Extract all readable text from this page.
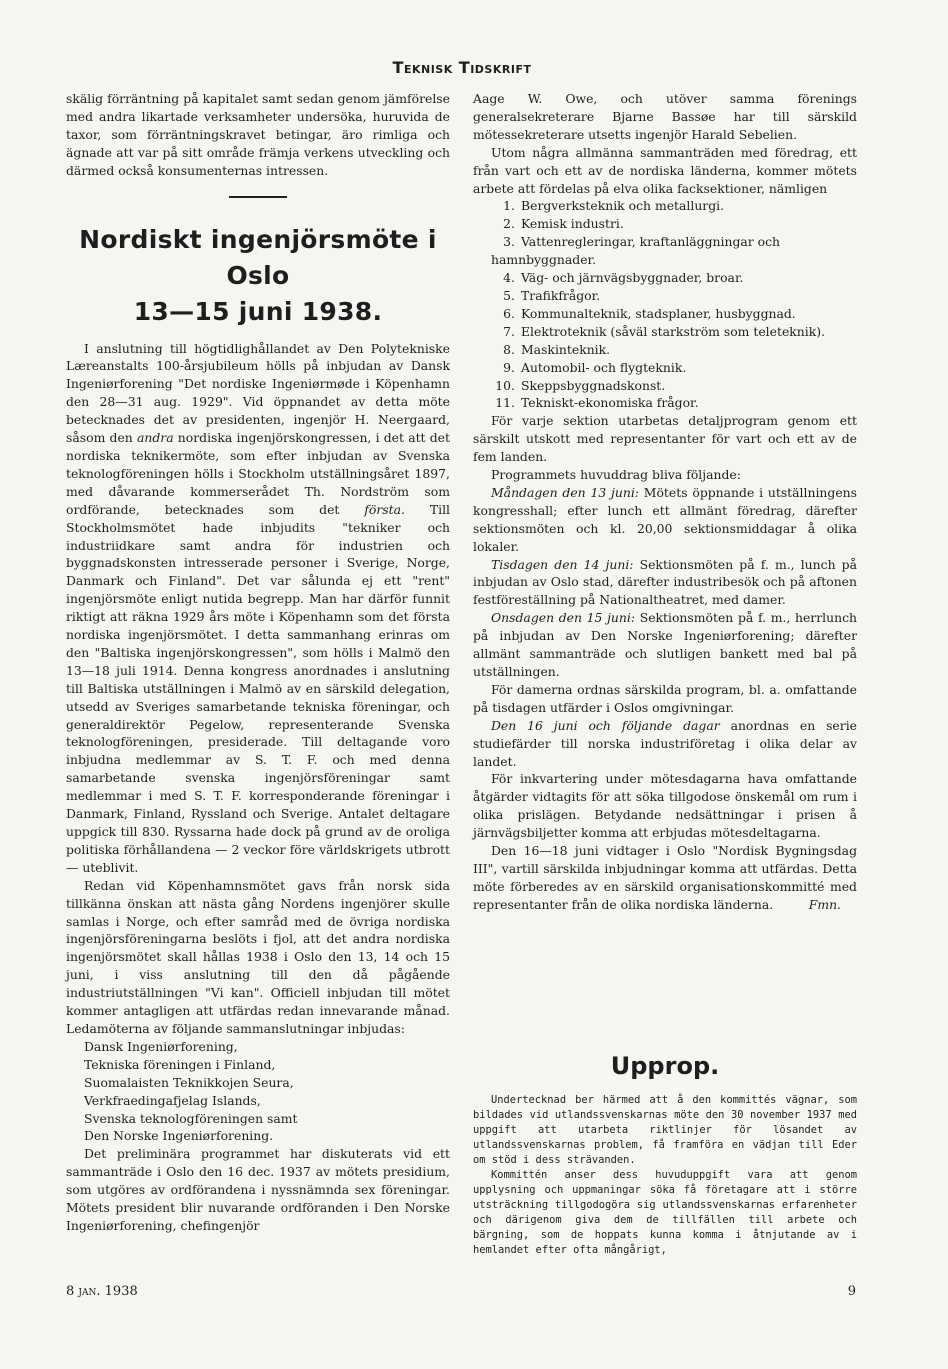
Teknisk Tidskrift

skälig förräntning på kapitalet samt sedan genom jämförelse med andra likartade verksamheter undersöka, huruvida de taxor, som förräntningskravet betingar, äro rimliga och ägnade att var på sitt område främja verkens utveckling och därmed också konsumenternas intressen.

Nordiskt ingenjörsmöte i Oslo
13—15 juni 1938.

I anslutning till högtidlighållandet av Den Polytekniske Læreanstalts 100-årsjubileum hölls på inbjudan av Dansk Ingeniørforening "Det nordiske Ingeniørmøde i Köpenhamn den 28—31 aug. 1929". Vid öppnandet av detta möte betecknades det av presidenten, ingenjör H. Neergaard, såsom den andra nordiska ingenjörskongressen, i det att det nordiska teknikermöte, som efter inbjudan av Svenska teknologföreningen hölls i Stockholm utställningsåret 1897, med dåvarande kommerserådet Th. Nordström som ordförande, betecknades som det första. Till Stockholmsmötet hade inbjudits "tekniker och industriidkare samt andra för industrien och byggnadskonsten intresserade personer i Sverige, Norge, Danmark och Finland". Det var sålunda ej ett "rent" ingenjörsmöte enligt nutida begrepp. Man har därför funnit riktigt att räkna 1929 års möte i Köpenhamn som det första nordiska ingenjörsmötet. I detta sammanhang erinras om den "Baltiska ingenjörskongressen", som hölls i Malmö den 13—18 juli 1914. Denna kongress anordnades i anslutning till Baltiska utställningen i Malmö av en särskild delegation, utsedd av Sveriges samarbetande tekniska föreningar, och generaldirektör Pegelow, representerande Svenska teknologföreningen, presiderade. Till deltagande voro inbjudna medlemmar av S. T. F. och med denna samarbetande svenska ingenjörsföreningar samt medlemmar i med S. T. F. korresponderande föreningar i Danmark, Finland, Ryssland och Sverige. Antalet deltagare uppgick till 830. Ryssarna hade dock på grund av de oroliga politiska förhållandena — 2 veckor före världskrigets utbrott — uteblivit.

Redan vid Köpenhamnsmötet gavs från norsk sida tillkänna önskan att nästa gång Nordens ingenjörer skulle samlas i Norge, och efter samråd med de övriga nordiska ingenjörsföreningarna beslöts i fjol, att det andra nordiska ingenjörsmötet skall hållas 1938 i Oslo den 13, 14 och 15 juni, i viss anslutning till den då pågående industriutställningen "Vi kan". Officiell inbjudan till mötet kommer antagligen att utfärdas redan innevarande månad. Ledamöterna av följande sammanslutningar inbjudas:

Dansk Ingeniørforening,
Tekniska föreningen i Finland,
Suomalaisten Teknikkojen Seura,
Verkfraedingafjelag Islands,
Svenska teknologföreningen samt
Den Norske Ingeniørforening.

Det preliminära programmet har diskuterats vid ett sammanträde i Oslo den 16 dec. 1937 av mötets presidium, som utgöres av ordförandena i nyssnämnda sex föreningar. Mötets president blir nuvarande ordföranden i Den Norske Ingeniørforening, chefingenjör

Aage W. Owe, och utöver samma förenings generalsekreterare Bjarne Bassøe har till särskild mötessekreterare utsetts ingenjör Harald Sebelien.

Utom några allmänna sammanträden med föredrag, ett från vart och ett av de nordiska länderna, kommer mötets arbete att fördelas på elva olika facksektioner, nämligen

1. Bergverksteknik och metallurgi.
2. Kemisk industri.
3. Vattenregleringar, kraftanläggningar och hamnbyggnader.
4. Väg- och järnvägsbyggnader, broar.
5. Trafikfrågor.
6. Kommunalteknik, stadsplaner, husbyggnad.
7. Elektroteknik (såväl starkström som teleteknik).
8. Maskinteknik.
9. Automobil- och flygteknik.
10. Skeppsbyggnadskonst.
11. Tekniskt-ekonomiska frågor.

För varje sektion utarbetas detaljprogram genom ett särskilt utskott med representanter för vart och ett av de fem landen.

Programmets huvuddrag bliva följande:

Måndagen den 13 juni: Mötets öppnande i utställningens kongresshall; efter lunch ett allmänt föredrag, därefter sektionsmöten och kl. 20,00 sektionsmiddagar å olika lokaler.

Tisdagen den 14 juni: Sektionsmöten på f. m., lunch på inbjudan av Oslo stad, därefter industribesök och på aftonen festföreställning på Nationaltheatret, med damer.

Onsdagen den 15 juni: Sektionsmöten på f. m., herrlunch på inbjudan av Den Norske Ingeniørforening; därefter allmänt sammanträde och slutligen bankett med bal på utställningen.

För damerna ordnas särskilda program, bl. a. omfattande på tisdagen utfärder i Oslos omgivningar.

Den 16 juni och följande dagar anordnas en serie studiefärder till norska industriföretag i olika delar av landet.

För inkvartering under mötesdagarna hava omfattande åtgärder vidtagits för att söka tillgodose önskemål om rum i olika prislägen. Betydande nedsättningar i prisen å järnvägsbiljetter komma att erbjudas mötesdeltagarna.

Den 16—18 juni vidtager i Oslo "Nordisk Bygningsdag III", vartill särskilda inbjudningar komma att utfärdas. Detta möte förberedes av en särskild organisationskommitté med representanter från de olika nordiska länderna.	Fmn.

Upprop.

Undertecknad ber härmed att å den kommittés vägnar, som bildades vid utlandssvenskarnas möte den 30 november 1937 med uppgift att utarbeta riktlinjer för lösandet av utlandssvenskarnas problem, få framföra en vädjan till Eder om stöd i dess strävanden.

Kommittén anser dess huvuduppgift vara att genom upplysning och uppmaningar söka få företagare att i större utsträckning tillgodogöra sig utlandssvenskarnas erfarenheter och därigenom giva dem de tillfällen till arbete och bärgning, som de hoppats kunna komma i åtnjutande av i hemlandet efter ofta mångårigt,

8 jan. 1938	9
